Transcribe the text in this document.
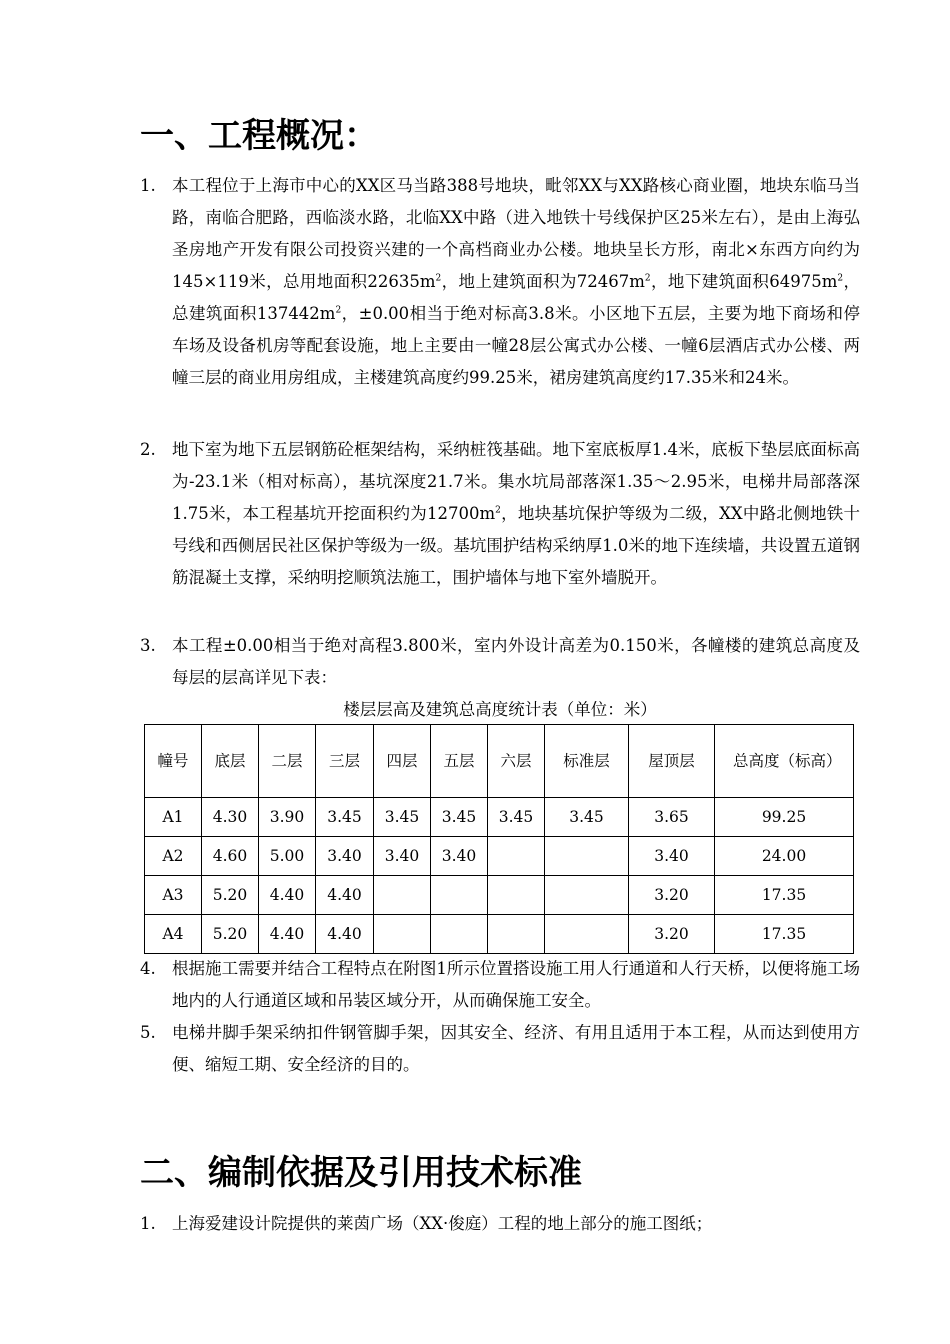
一、工程概况：
1. 本工程位于上海市中心的XX区马当路388号地块，毗邻XX与XX路核心商业圈，地块东临马当路，南临合肥路，西临淡水路，北临XX中路（进入地铁十号线保护区25米左右），是由上海弘圣房地产开发有限公司投资兴建的一个高档商业办公楼。地块呈长方形，南北×东西方向约为145×119米，总用地面积$22635m^2$，地上建筑面积为$72467m^2$，地下建筑面积$64975m^2$，总建筑面积$137442m^2$，±0.00相当于绝对标高3.8米。小区地下五层，主要为地下商场和停车场及设备机房等配套设施，地上主要由一幢28层公寓式办公楼、一幢6层酒店式办公楼、两幢三层的商业用房组成，主楼建筑高度约99.25米，裙房建筑高度约17.35米和24米。
2. 地下室为地下五层钢筋砼框架结构，采纳桩筏基础。地下室底板厚1.4米，底板下垫层底面标高为-23.1米（相对标高），基坑深度21.7米。集水坑局部落深1.35～2.95米，电梯井局部落深1.75米，本工程基坑开挖面积约为$12700m^2$，地块基坑保护等级为二级，XX中路北侧地铁十号线和西侧居民社区保护等级为一级。基坑围护结构采纳厚1.0米的地下连续墙，共设置五道钢筋混凝土支撑，采纳明挖顺筑法施工，围护墙体与地下室外墙脱开。
3. 本工程±0.00相当于绝对高程3.800米，室内外设计高差为0.150米，各幢楼的建筑总高度及每层的层高详见下表：
楼层层高及建筑总高度统计表（单位：米）
幢号	底层	二层	三层	四层	五层	六层	标准层	屋顶层	总高度（标高）
A1	4.30	3.90	3.45	3.45	3.45	3.45	3.45	3.65	99.25
A2	4.60	5.00	3.40	3.40	3.40			3.40	24.00
A3	5.20	4.40	4.40					3.20	17.35
A4	5.20	4.40	4.40					3.20	17.35
4. 根据施工需要并结合工程特点在附图1所示位置搭设施工用人行通道和人行天桥，以便将施工场地内的人行通道区域和吊装区域分开，从而确保施工安全。
5. 电梯井脚手架采纳扣件钢管脚手架，因其安全、经济、有用且适用于本工程，从而达到使用方便、缩短工期、安全经济的目的。
二、编制依据及引用技术标准
1. 上海爱建设计院提供的莱茵广场（XX·俊庭）工程的地上部分的施工图纸；
